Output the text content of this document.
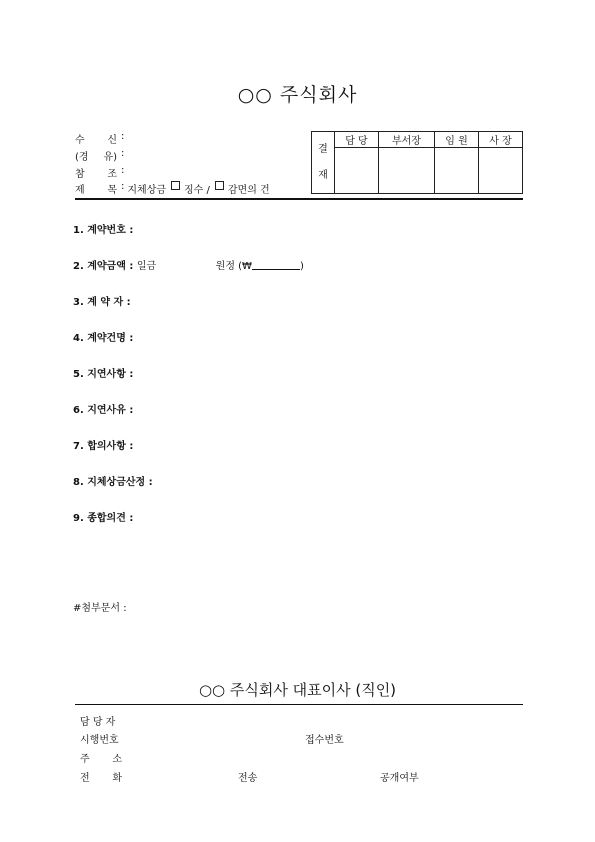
○○ 주식회사
수 신 :
(경 유) :
참 조 :
제 목 : 지체상금 징수 / 감면의 건
결
재	담 당	부서장	임 원	사 장

1. 계약번호 :
2. 계약금액 : 일금	원정 (₩	)
3. 계 약 자 :
4. 계약건명 :
5. 지연사항 :
6. 지연사유 :
7. 합의사항 :
8. 지체상금산정 :
9. 종합의견 :
#첨부문서 :
○○ 주식회사 대표이사 (직인)
담 당 자
시행번호	접수번호
주 소
전 화	전송	공개여부
